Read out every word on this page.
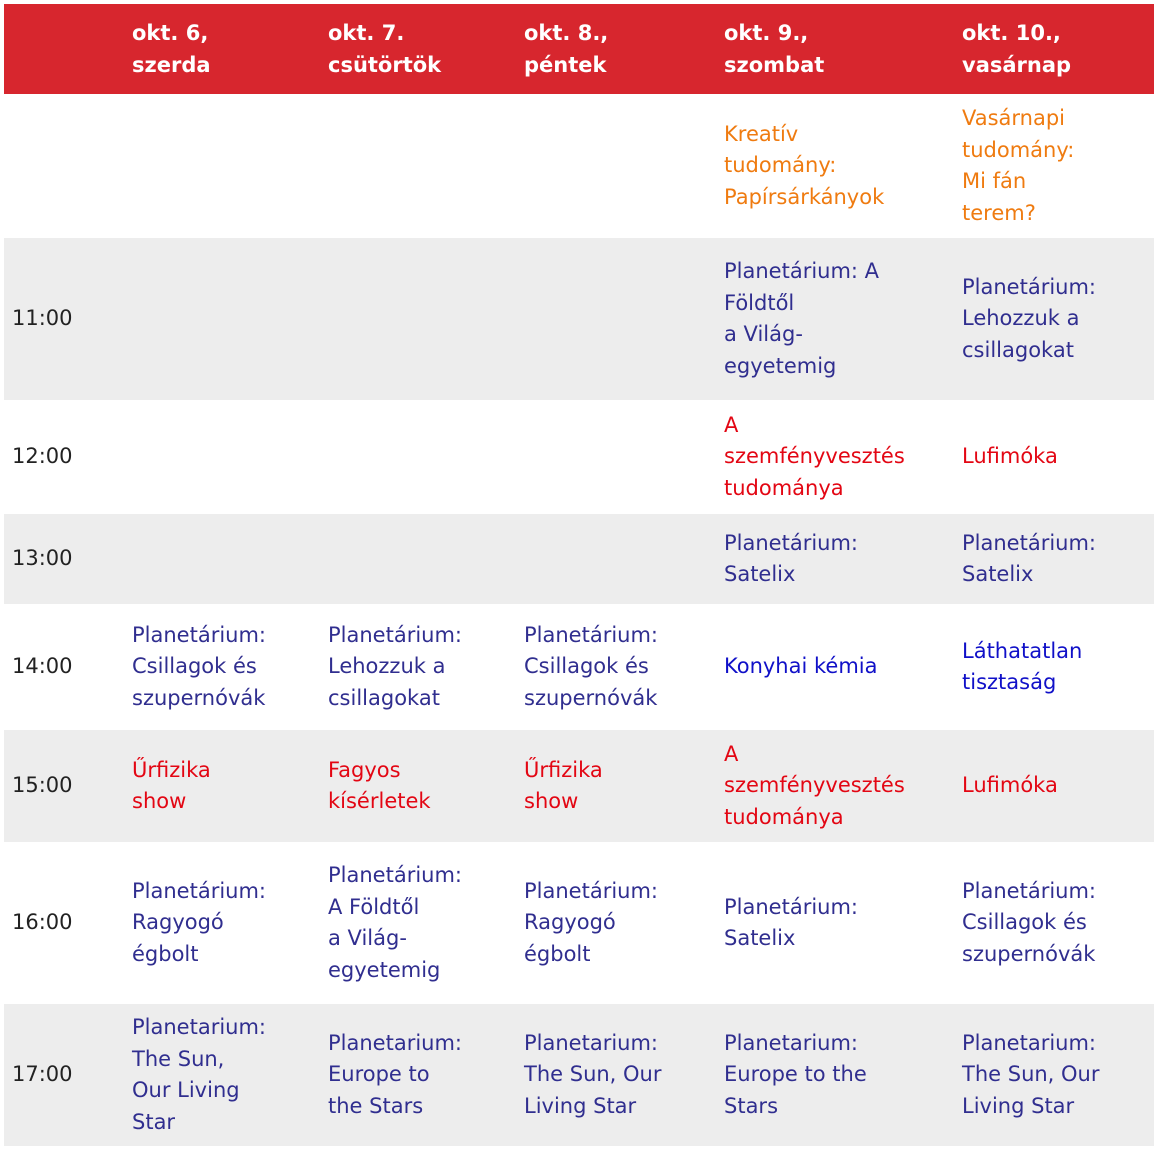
	okt. 6,
szerda	okt. 7.
csütörtök	okt. 8.,
péntek	okt. 9.,
szombat	okt. 10.,
vasárnap

				Kreatív
tudomány:
Papírsárkányok	Vasárnapi
tudomány:
Mi fán
terem?

11:00				Planetárium: A
Földtől
a Világ-
egyetemig	Planetárium:
Lehozzuk a
csillagokat

12:00				A
szemfényvesztés
tudománya	Lufimóka

13:00				Planetárium:
Satelix	Planetárium:
Satelix

14:00	Planetárium:
Csillagok és
szupernóvák	Planetárium:
Lehozzuk a
csillagokat	Planetárium:
Csillagok és
szupernóvák	Konyhai kémia	Láthatatlan
tisztaság

15:00	Űrfizika
show	Fagyos
kísérletek	Űrfizika
show	A
szemfényvesztés
tudománya	Lufimóka

16:00	Planetárium:
Ragyogó
égbolt	Planetárium:
A Földtől
a Világ-
egyetemig	Planetárium:
Ragyogó
égbolt	Planetárium:
Satelix	Planetárium:
Csillagok és
szupernóvák

17:00	Planetarium:
The Sun,
Our Living
Star	Planetarium:
Europe to
the Stars	Planetarium:
The Sun, Our
Living Star	Planetarium:
Europe to the
Stars	Planetarium:
The Sun, Our
Living Star
